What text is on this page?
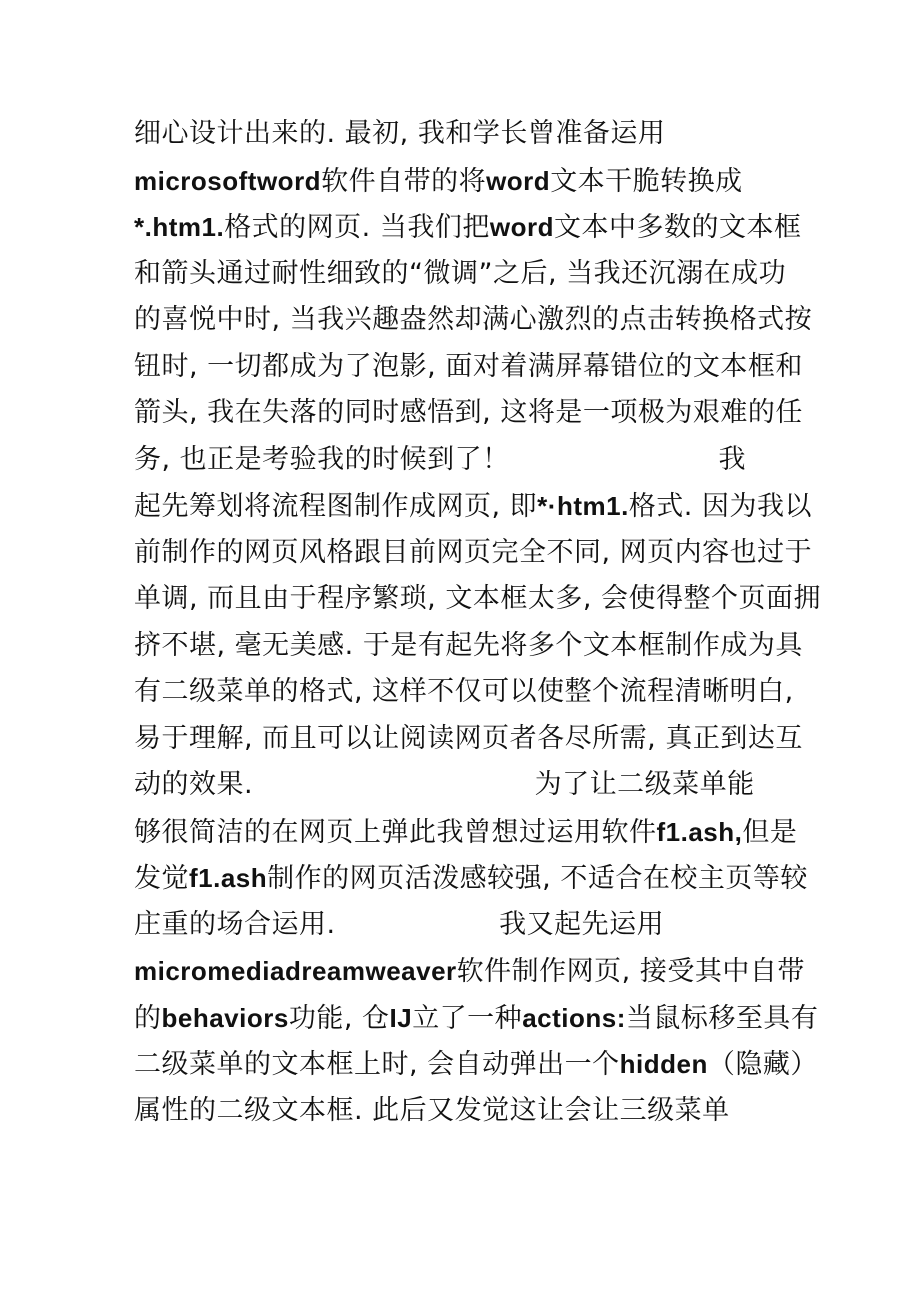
细心设计出来的. 最初, 我和学长曾准备运用
microsoftword软件自带的将word文本干脆转换成
*.htm1.格式的网页. 当我们把word文本中多数的文本框
和箭头通过耐性细致的“微调”之后, 当我还沉溺在成功
的喜悦中时, 当我兴趣盎然却满心激烈的点击转换格式按
钮时, 一切都成为了泡影, 面对着满屏幕错位的文本框和
箭头, 我在失落的同时感悟到, 这将是一项极为艰难的任
务, 也正是考验我的时候到了！                       我
起先筹划将流程图制作成网页, 即*·htm1.格式. 因为我以
前制作的网页风格跟目前网页完全不同, 网页内容也过于
单调, 而且由于程序繁琐, 文本框太多, 会使得整个页面拥
挤不堪, 毫无美感. 于是有起先将多个文本框制作成为具
有二级菜单的格式, 这样不仅可以使整个流程清晰明白,
易于理解, 而且可以让阅读网页者各尽所需, 真正到达互
动的效果.                               为了让二级菜单能
够很简洁的在网页上弹此我曾想过运用软件f1.ash,但是
发觉f1.ash制作的网页活泼感较强, 不适合在校主页等较
庄重的场合运用.                  我又起先运用
micromediadreamweaver软件制作网页, 接受其中自带
的behaviors功能, 仓IJ立了一种actions:当鼠标移至具有
二级菜单的文本框上时, 会自动弹出一个hidden（隐藏）
属性的二级文本框. 此后又发觉这让会让三级菜单
